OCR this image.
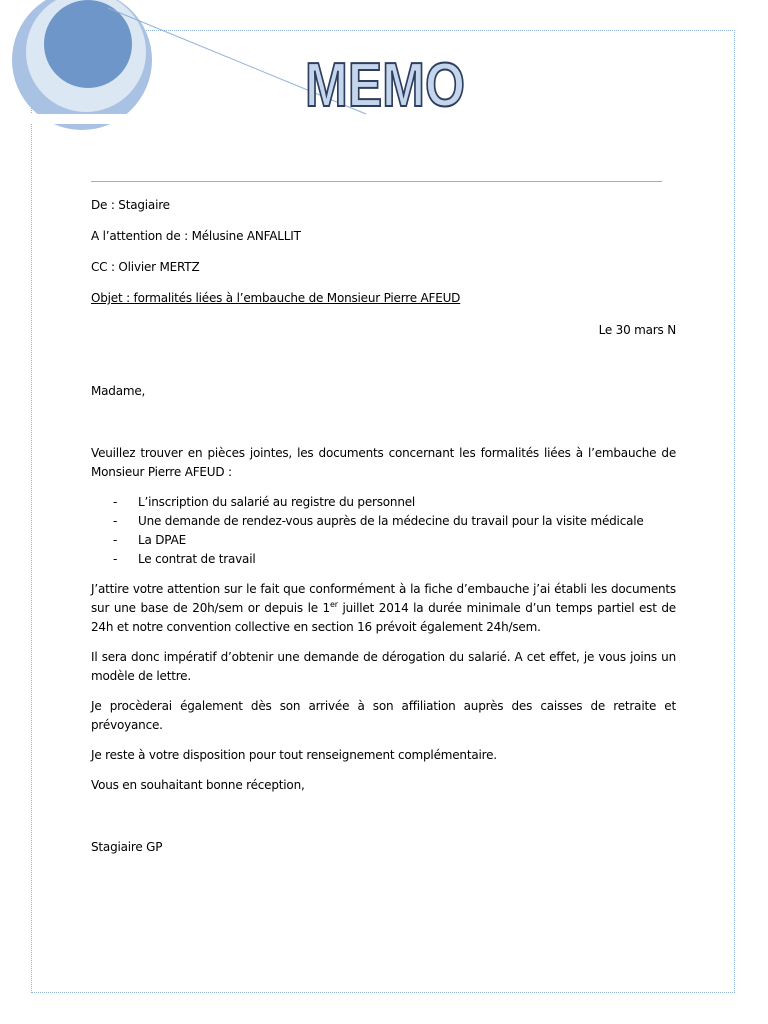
MEMO

De : Stagiaire

A l’attention de : Mélusine ANFALLIT

CC : Olivier MERTZ

Objet : formalités liées à l’embauche de Monsieur Pierre AFEUD

Le 30 mars N

Madame,

Veuillez trouver en pièces jointes, les documents concernant les formalités liées à l’embauche de Monsieur Pierre AFEUD :

- L’inscription du salarié au registre du personnel
- Une demande de rendez-vous auprès de la médecine du travail pour la visite médicale
- La DPAE
- Le contrat de travail

J’attire votre attention sur le fait que conformément à la fiche d’embauche j’ai établi les documents sur une base de 20h/sem or depuis le 1er juillet 2014 la durée minimale d’un temps partiel est de 24h et notre convention collective en section 16 prévoit également 24h/sem.

Il sera donc impératif d’obtenir une demande de dérogation du salarié. A cet effet, je vous joins un modèle de lettre.

Je procèderai également dès son arrivée à son affiliation auprès des caisses de retraite et prévoyance.

Je reste à votre disposition pour tout renseignement complémentaire.

Vous en souhaitant bonne réception,

Stagiaire GP
